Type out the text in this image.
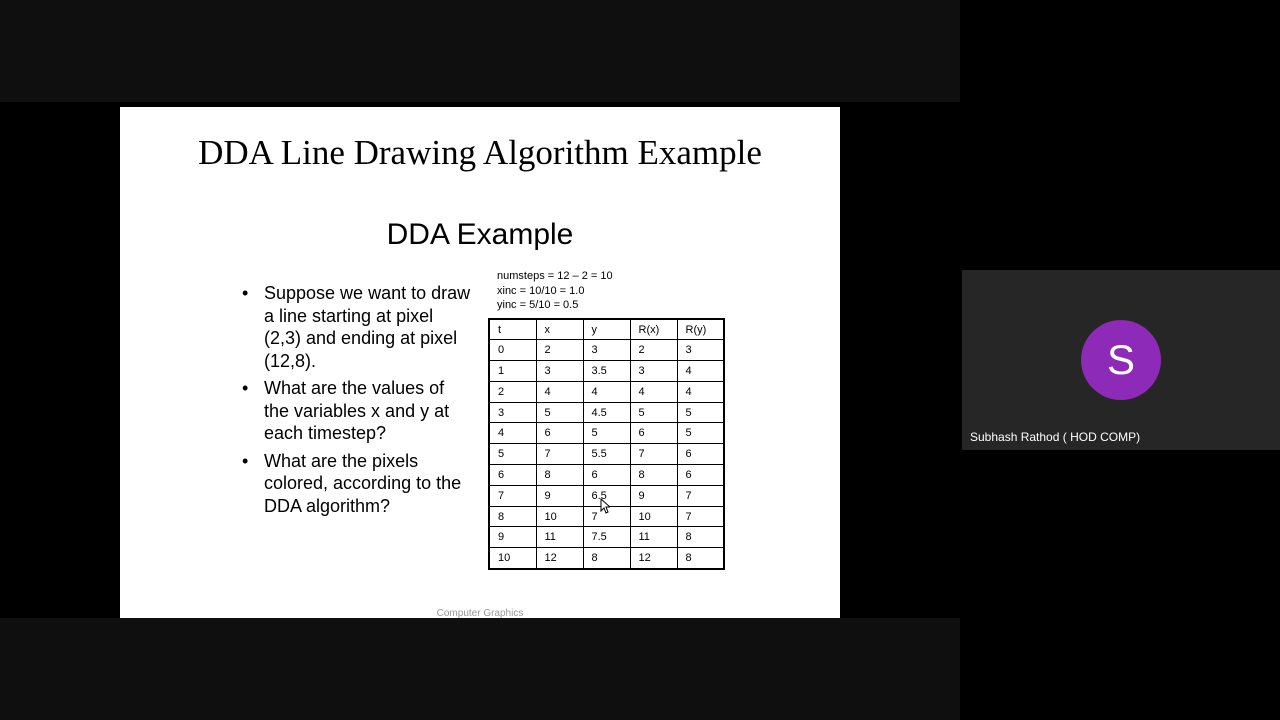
DDA Line Drawing Algorithm Example
DDA Example
• Suppose we want to draw a line starting at pixel (2,3) and ending at pixel (12,8).
• What are the values of the variables x and y at each timestep?
• What are the pixels colored, according to the DDA algorithm?
numsteps = 12 – 2 = 10
xinc = 10/10 = 1.0
yinc = 5/10 = 0.5
t	x	y	R(x)	R(y)
0	2	3	2	3
1	3	3.5	3	4
2	4	4	4	4
3	5	4.5	5	5
4	6	5	6	5
5	7	5.5	7	6
6	8	6	8	6
7	9	6.5	9	7
8	10	7	10	7
9	11	7.5	11	8
10	12	8	12	8
Computer Graphics
S
Subhash Rathod ( HOD COMP)
